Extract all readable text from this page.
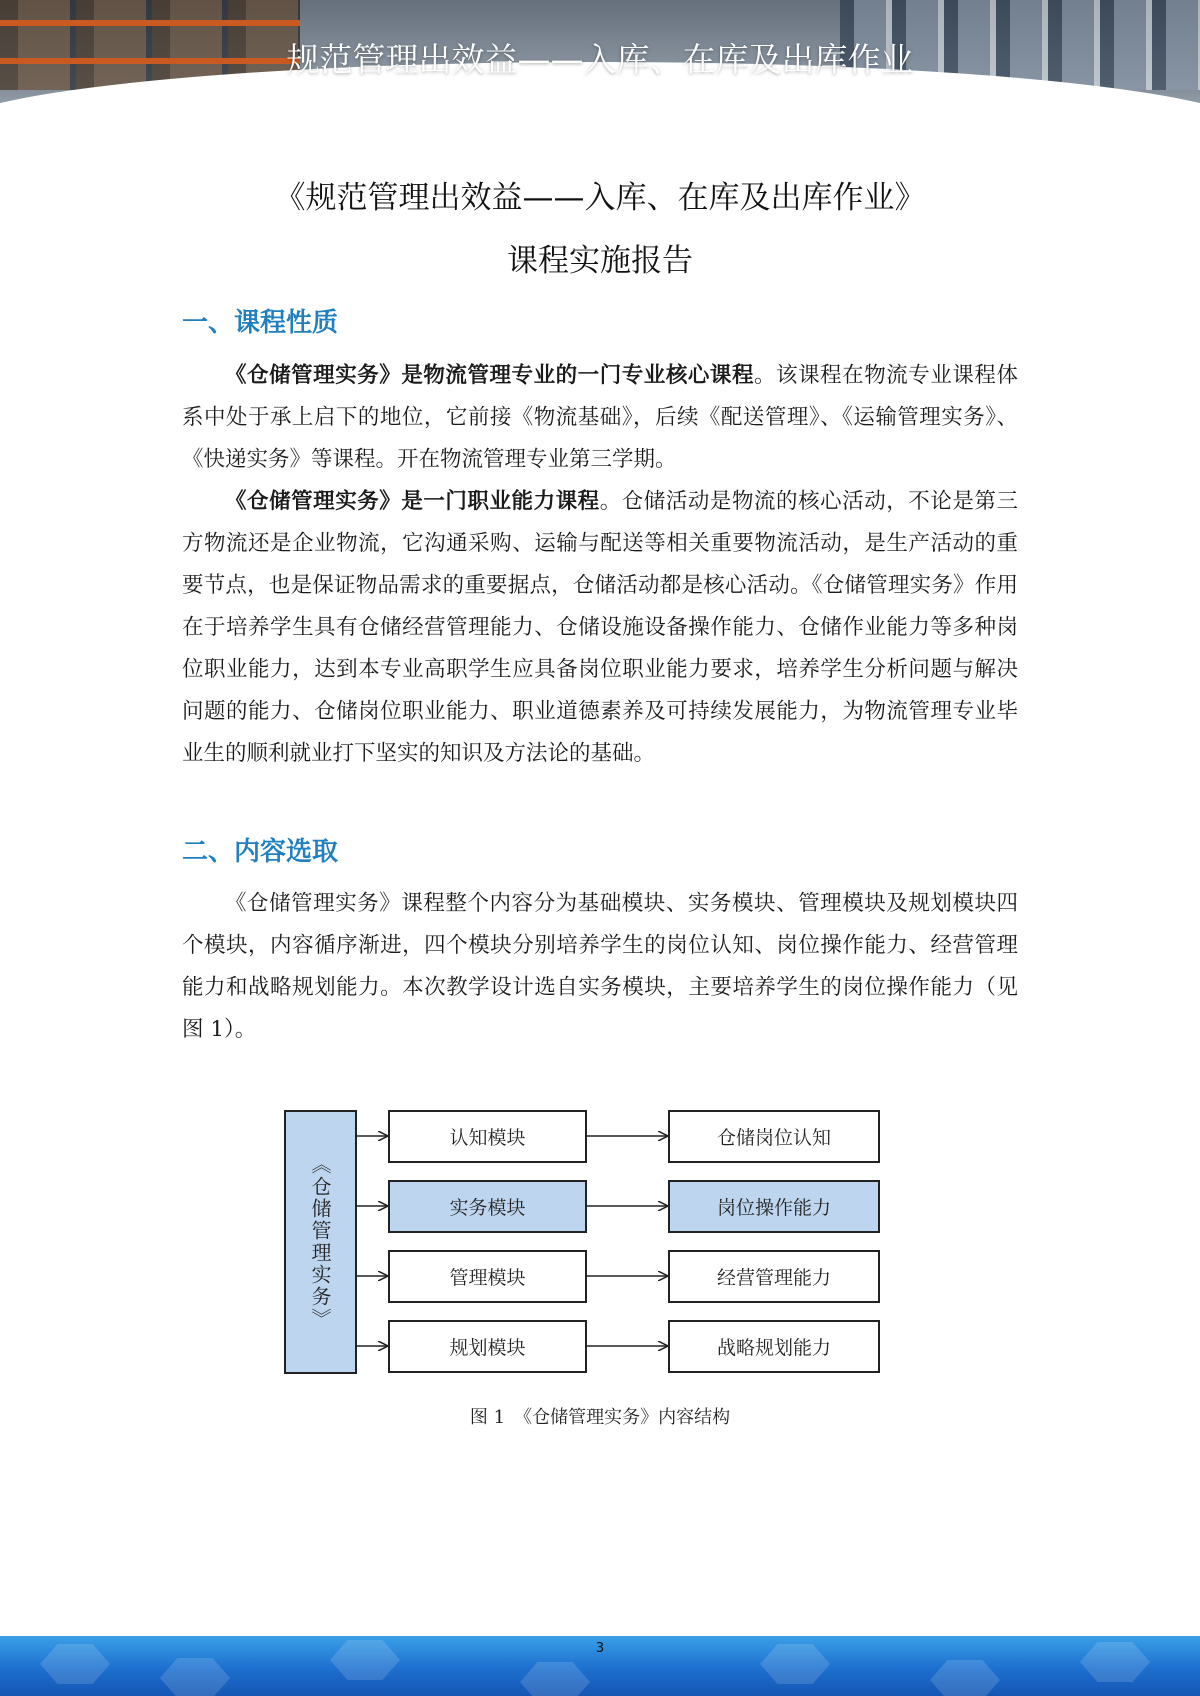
规范管理出效益——入库、在库及出库作业
《规范管理出效益——入库、在库及出库作业》
课程实施报告
一、课程性质

《仓储管理实务》是物流管理专业的一门专业核心课程。该课程在物流专业课程体系中处于承上启下的地位，它前接《物流基础》，后续《配送管理》、《运输管理实务》、《快递实务》等课程。开在物流管理专业第三学期。

《仓储管理实务》是一门职业能力课程。仓储活动是物流的核心活动，不论是第三方物流还是企业物流，它沟通采购、运输与配送等相关重要物流活动，是生产活动的重要节点，也是保证物品需求的重要据点，仓储活动都是核心活动。《仓储管理实务》作用在于培养学生具有仓储经营管理能力、仓储设施设备操作能力、仓储作业能力等多种岗位职业能力，达到本专业高职学生应具备岗位职业能力要求，培养学生分析问题与解决问题的能力、仓储岗位职业能力、职业道德素养及可持续发展能力，为物流管理专业毕业生的顺利就业打下坚实的知识及方法论的基础。

二、内容选取

《仓储管理实务》课程整个内容分为基础模块、实务模块、管理模块及规划模块四个模块，内容循序渐进，四个模块分别培养学生的岗位认知、岗位操作能力、经营管理能力和战略规划能力。本次教学设计选自实务模块，主要培养学生的岗位操作能力（见图 1）。

《仓储管理实务》
认知模块
实务模块
管理模块
规划模块
仓储岗位认知
岗位操作能力
经营管理能力
战略规划能力
图 1　《仓储管理实务》内容结构
3
